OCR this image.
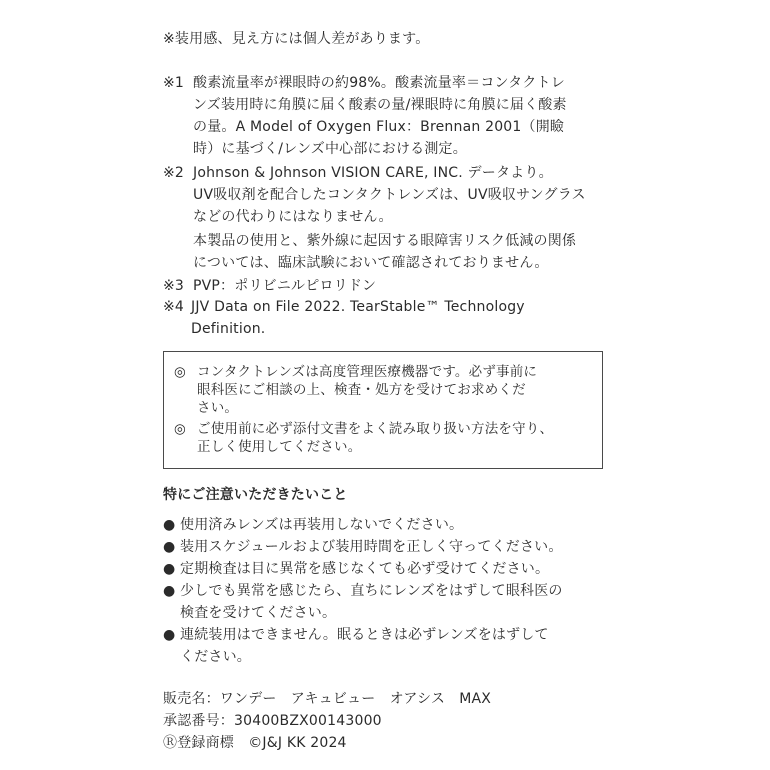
※装用感、見え方には個人差があります。
※1 酸素流量率が裸眼時の約98%。酸素流量率＝コンタクトレ
ンズ装用時に角膜に届く酸素の量/裸眼時に角膜に届く酸素
の量。A Model of Oxygen Flux：Brennan 2001（開瞼
時）に基づく/レンズ中心部における測定。
※2 Johnson & Johnson VISION CARE, INC. データより。
UV吸収剤を配合したコンタクトレンズは、UV吸収サングラス
などの代わりにはなりません。
本製品の使用と、紫外線に起因する眼障害リスク低減の関係
については、臨床試験において確認されておりません。
※3 PVP：ポリビニルピロリドン
※4 JJV Data on File 2022. TearStable™ Technology
Definition.
◎ コンタクトレンズは高度管理医療機器です。必ず事前に
眼科医にご相談の上、検査・処方を受けてお求めくだ
さい。
◎ ご使用前に必ず添付文書をよく読み取り扱い方法を守り、
正しく使用してください。
特にご注意いただきたいこと
● 使用済みレンズは再装用しないでください。
● 装用スケジュールおよび装用時間を正しく守ってください。
● 定期検査は目に異常を感じなくても必ず受けてください。
● 少しでも異常を感じたら、直ちにレンズをはずして眼科医の
検査を受けてください。
● 連続装用はできません。眠るときは必ずレンズをはずして
ください。
販売名：ワンデー　アキュビュー　オアシス　MAX
承認番号：30400BZX00143000
Ⓡ登録商標　©J&J KK 2024
